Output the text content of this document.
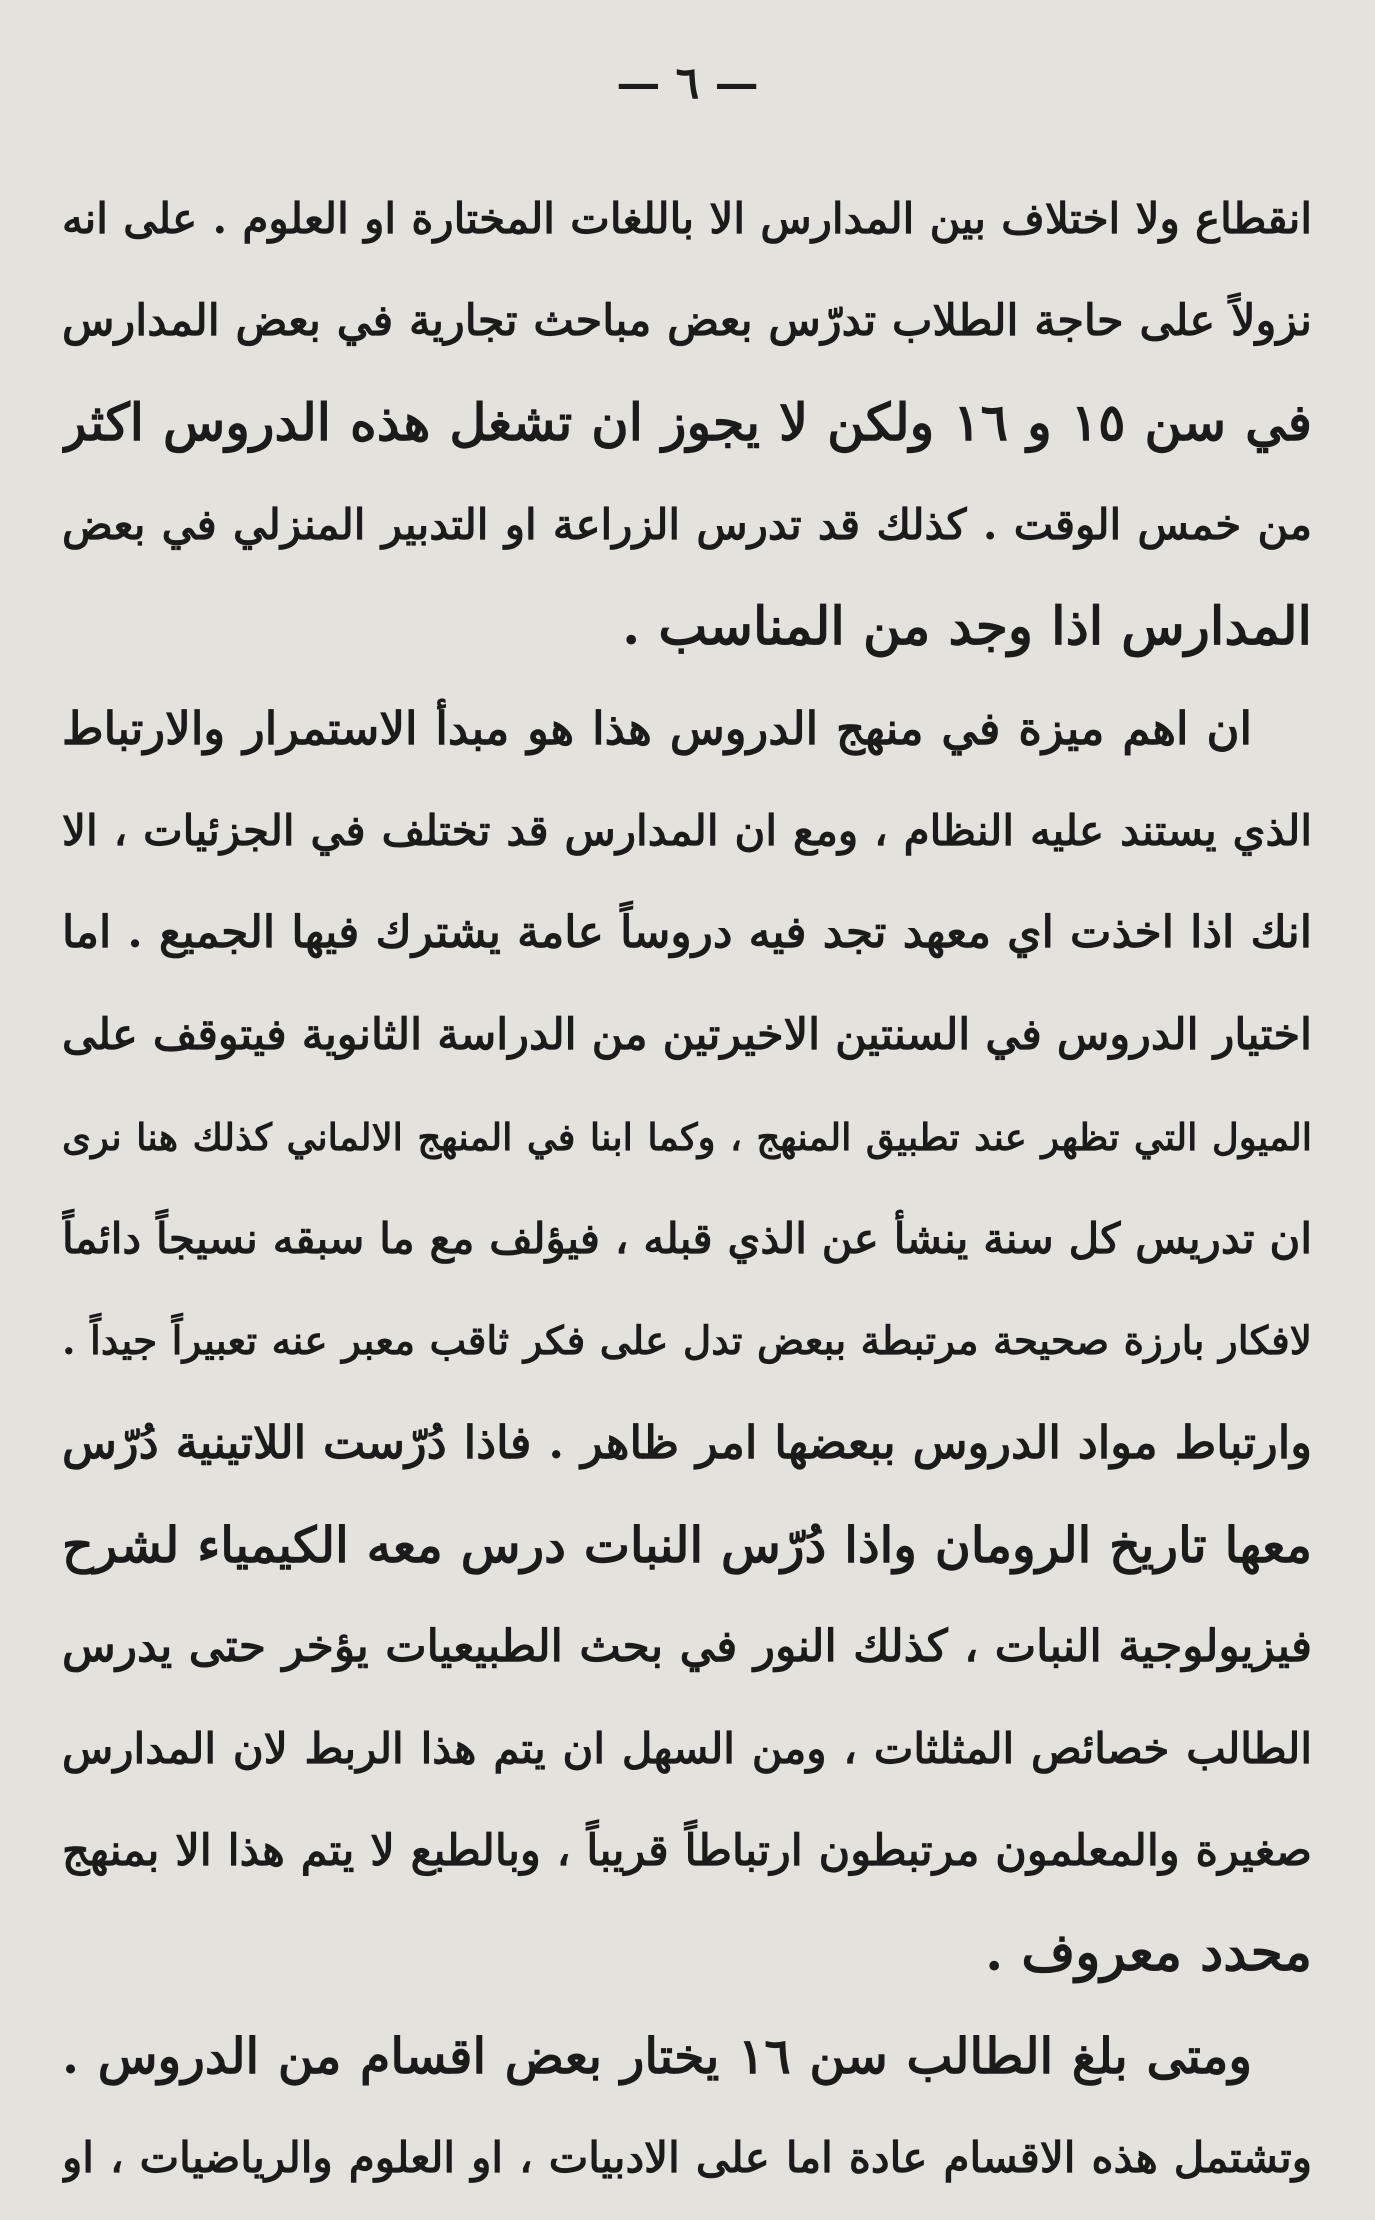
— ٦ —
انقطاع ولا اختلاف بين المدارس الا باللغات المختارة او العلوم . على انه
نزولاً على حاجة الطلاب تدرّس بعض مباحث تجارية في بعض المدارس
في سن ١٥ و ١٦ ولكن لا يجوز ان تشغل هذه الدروس اكثر
من خمس الوقت . كذلك قد تدرس الزراعة او التدبير المنزلي في بعض
المدارس اذا وجد من المناسب .
ان اهم ميزة في منهج الدروس هذا هو مبدأ الاستمرار والارتباط
الذي يستند عليه النظام ، ومع ان المدارس قد تختلف في الجزئيات ، الا
انك اذا اخذت اي معهد تجد فيه دروساً عامة يشترك فيها الجميع . اما
اختيار الدروس في السنتين الاخيرتين من الدراسة الثانوية فيتوقف على
الميول التي تظهر عند تطبيق المنهج ، وكما ابنا في المنهج الالماني كذلك هنا نرى
ان تدريس كل سنة ينشأ عن الذي قبله ، فيؤلف مع ما سبقه نسيجاً دائماً
لافكار بارزة صحيحة مرتبطة ببعض تدل على فكر ثاقب معبر عنه تعبيراً جيداً .
وارتباط مواد الدروس ببعضها امر ظاهر . فاذا دُرّست اللاتينية دُرّس
معها تاريخ الرومان واذا دُرّس النبات درس معه الكيمياء لشرح
فيزيولوجية النبات ، كذلك النور في بحث الطبيعيات يؤخر حتى يدرس
الطالب خصائص المثلثات ، ومن السهل ان يتم هذا الربط لان المدارس
صغيرة والمعلمون مرتبطون ارتباطاً قريباً ، وبالطبع لا يتم هذا الا بمنهج
محدد معروف .
ومتى بلغ الطالب سن ١٦ يختار بعض اقسام من الدروس .
وتشتمل هذه الاقسام عادة اما على الادبيات ، او العلوم والرياضيات ، او
